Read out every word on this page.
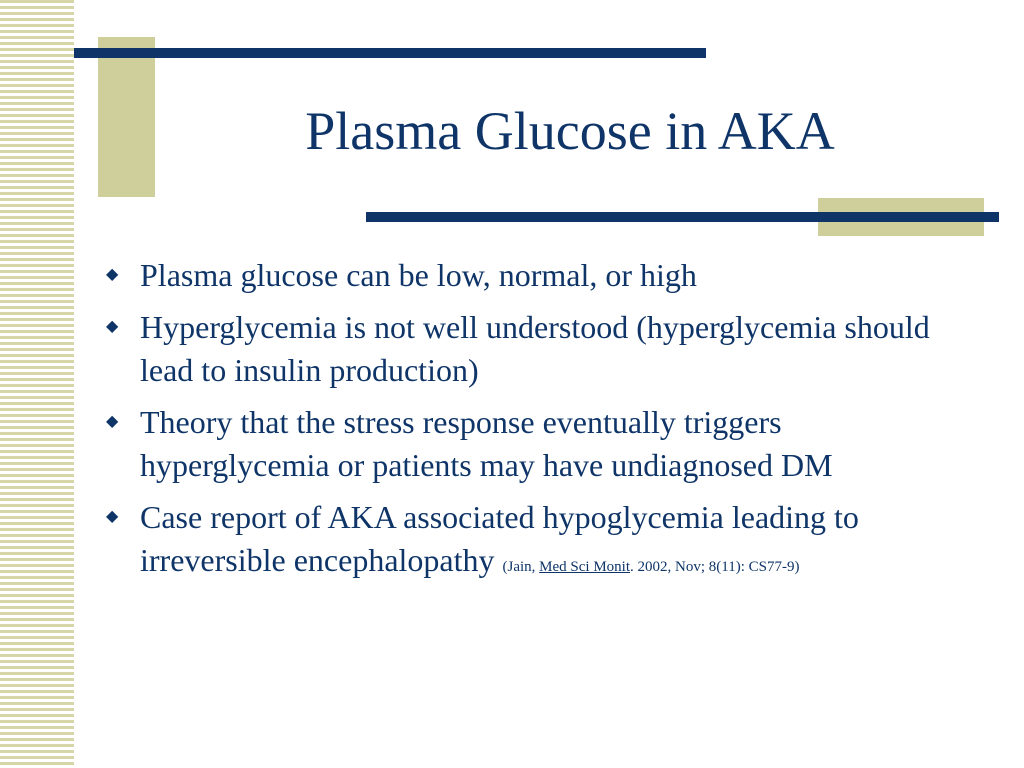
Plasma Glucose in AKA
◆ Plasma glucose can be low, normal, or high
◆ Hyperglycemia is not well understood (hyperglycemia should lead to insulin production)
◆ Theory that the stress response eventually triggers hyperglycemia or patients may have undiagnosed DM
◆ Case report of AKA associated hypoglycemia leading to irreversible encephalopathy (Jain, Med Sci Monit. 2002, Nov; 8(11): CS77-9)
